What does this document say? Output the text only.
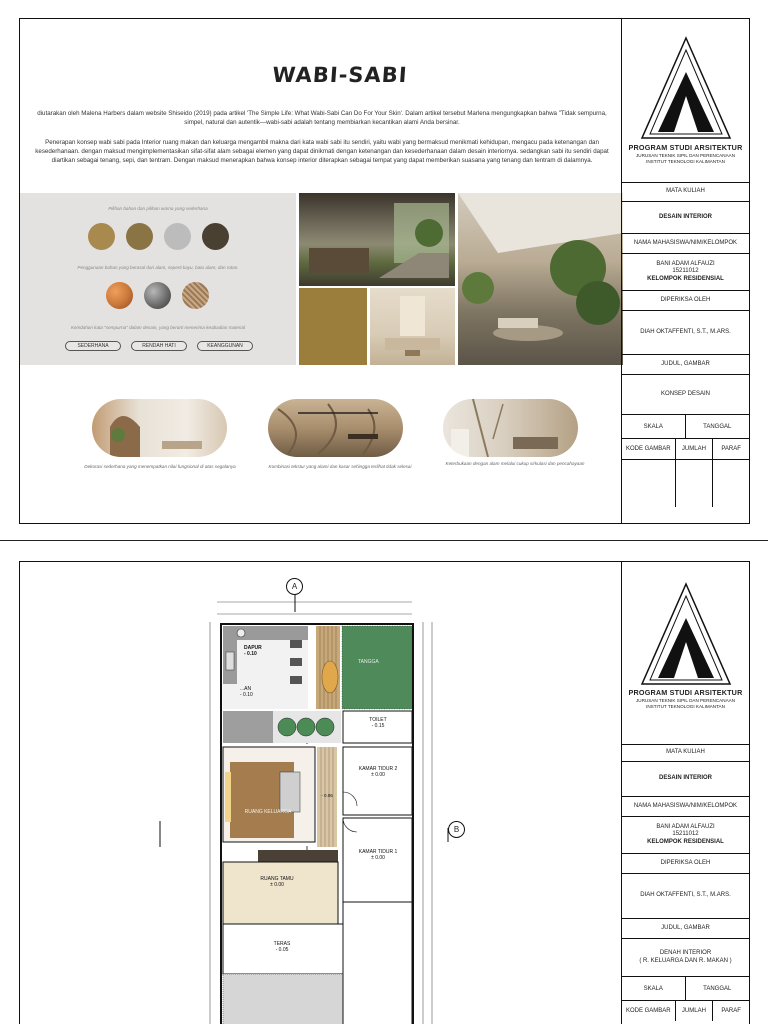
WABI-SABI
diutarakan oleh Malena Harbers dalam website Shiseido (2019) pada artikel 'The Simple Life: What Wabi-Sabi Can Do For Your Skin'. Dalam artikel tersebut Marlena mengungkapkan bahwa "Tidak sempurna, simpel, natural dan autentik—wabi-sabi adalah tentang membiarkan kecantikan alami Anda bersinar.
Penerapan konsep wabi sabi pada Interior ruang makan dan keluarga mengambil makna dari kata wabi sabi itu sendiri, yaitu wabi yang bermaksud menikmati kehidupan, mengacu pada ketenangan dan kesederhanaan. dengan maksud mengimplementasikan sifat-sifat alam sebagai elemen yang dapat dinikmati dengan ketenangan dan kesederhanaan dalam desain interiornya. sedangkan sabi itu sendiri dapat diartikan sebagai tenang, sepi, dan tentram. Dengan maksud menerapkan bahwa konsep interior diterapkan sebagai tempat yang dapat memberikan suasana yang tenang dan tentram di dalamnya.
Pilihan bahan dan pilihan warna yang sederhana
Penggunaan bahan yang berasal dari alam, seperti kayu, batu alam, dan rotan.
Keindahan kata "sempurna" dalam desain, yang berarti menerima keabadian material
SEDERHANA	RENDAH HATI	KEANGGUNAN
Dekorasi sederhana yang menempatkan nilai fungsional di atas segalanya	Kombinasi tekstur yang alami dan kasar sehingga terlihat tidak selesai
Keterbukaan dengan alam melalui cukup sirkulasi dan pencahayaan
PROGRAM STUDI ARSITEKTUR
JURUSAN TEKNIK SIPIL DAN PERENCANAAN
INSTITUT TEKNOLOGI KALIMANTAN
MATA KULIAH
DESAIN INTERIOR
NAMA MAHASISWA/NIM/KELOMPOK
BANI ADAM ALFAUZI
15211012
KELOMPOK RESIDENSIAL
DIPERIKSA OLEH
DIAH OKTAFFENTI, S.T., M.ARS.
JUDUL, GAMBAR
KONSEP DESAIN
SKALA	TANGGAL
KODE GAMBAR	JUMLAH	PARAF
A
B
DAPUR
- 0.10
...AN
- 0.10
TANGGA
TOILET
- 0.15
KAMAR TIDUR 2
± 0.00
RUANG KELUARGA
- 0.06
KAMAR TIDUR 1
± 0.00
RUANG TAMU
± 0.00
TERAS
- 0.05
PROGRAM STUDI ARSITEKTUR
JURUSAN TEKNIK SIPIL DAN PERENCANAAN
INSTITUT TEKNOLOGI KALIMANTAN
MATA KULIAH
DESAIN INTERIOR
NAMA MAHASISWA/NIM/KELOMPOK
BANI ADAM ALFAUZI
15211012
KELOMPOK RESIDENSIAL
DIPERIKSA OLEH
DIAH OKTAFFENTI, S.T., M.ARS.
JUDUL, GAMBAR
DENAH INTERIOR
( R. KELUARGA DAN R. MAKAN )
SKALA	TANGGAL
KODE GAMBAR	JUMLAH	PARAF
